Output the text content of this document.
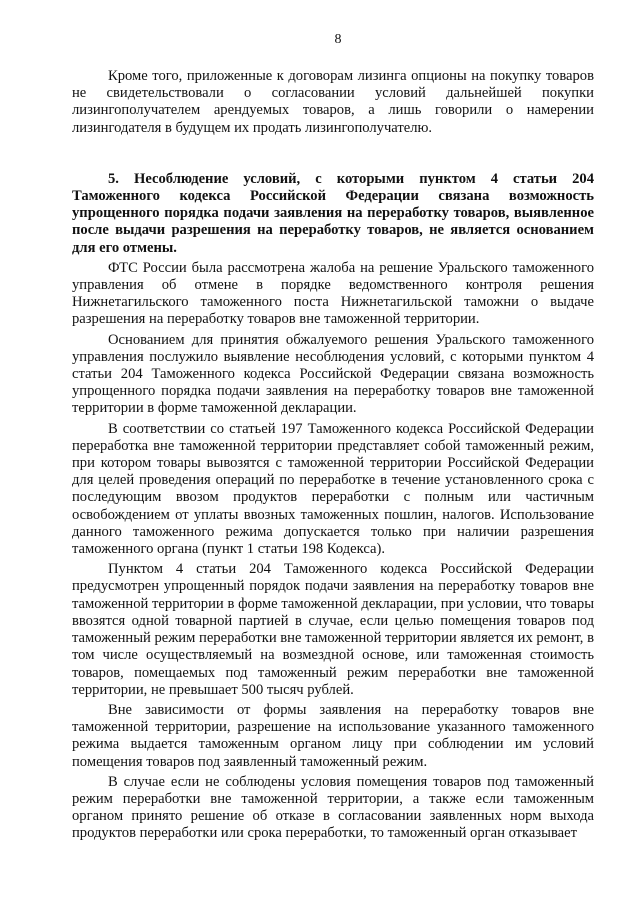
8

Кроме того, приложенные к договорам лизинга опционы на покупку товаров не свидетельствовали о согласовании условий дальнейшей покупки лизингополучателем арендуемых товаров, а лишь говорили о намерении лизингодателя в будущем их продать лизингополучателю.

5. Несоблюдение условий, с которыми пунктом 4 статьи 204 Таможенного кодекса Российской Федерации связана возможность упрощенного порядка подачи заявления на переработку товаров, выявленное после выдачи разрешения на переработку товаров, не является основанием для его отмены.

ФТС России была рассмотрена жалоба на решение Уральского таможенного управления об отмене в порядке ведомственного контроля решения Нижнетагильского таможенного поста Нижнетагильской таможни о выдаче разрешения на переработку товаров вне таможенной территории.

Основанием для принятия обжалуемого решения Уральского таможенного управления послужило выявление несоблюдения условий, с которыми пунктом 4 статьи 204 Таможенного кодекса Российской Федерации связана возможность упрощенного порядка подачи заявления на переработку товаров вне таможенной территории в форме таможенной декларации.

В соответствии со статьей 197 Таможенного кодекса Российской Федерации переработка вне таможенной территории представляет собой таможенный режим, при котором товары вывозятся с таможенной территории Российской Федерации для целей проведения операций по переработке в течение установленного срока с последующим ввозом продуктов переработки с полным или частичным освобождением от уплаты ввозных таможенных пошлин, налогов. Использование данного таможенного режима допускается только при наличии разрешения таможенного органа (пункт 1 статьи 198 Кодекса).

Пунктом 4 статьи 204 Таможенного кодекса Российской Федерации предусмотрен упрощенный порядок подачи заявления на переработку товаров вне таможенной территории в форме таможенной декларации, при условии, что товары ввозятся одной товарной партией в случае, если целью помещения товаров под таможенный режим переработки вне таможенной территории является их ремонт, в том числе осуществляемый на возмездной основе, или таможенная стоимость товаров, помещаемых под таможенный режим переработки вне таможенной территории, не превышает 500 тысяч рублей.

Вне зависимости от формы заявления на переработку товаров вне таможенной территории, разрешение на использование указанного таможенного режима выдается таможенным органом лицу при соблюдении им условий помещения товаров под заявленный таможенный режим.

В случае если не соблюдены условия помещения товаров под таможенный режим переработки вне таможенной территории, а также если таможенным органом принято решение об отказе в согласовании заявленных норм выхода продуктов переработки или срока переработки, то таможенный орган отказывает
